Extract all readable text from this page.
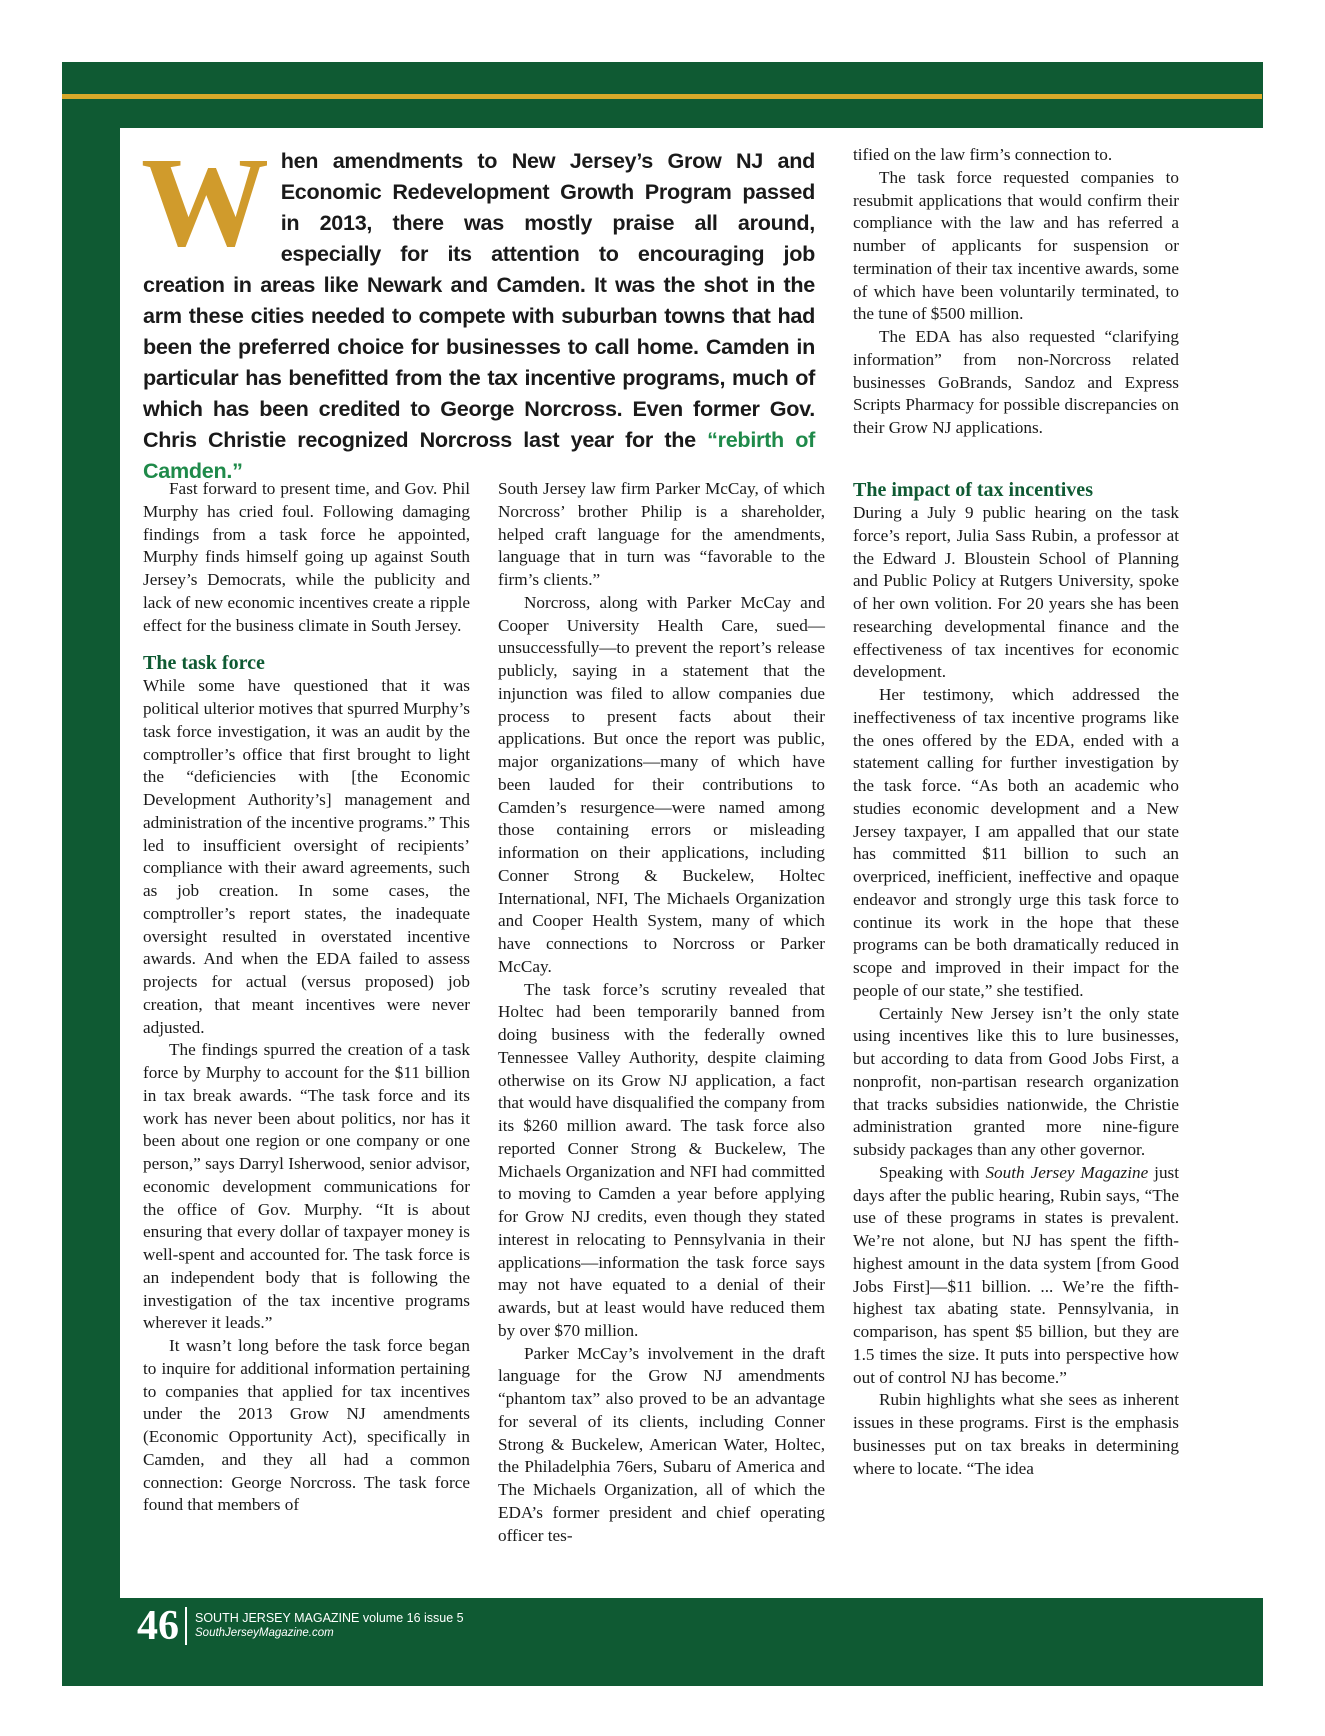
When amendments to New Jersey’s Grow NJ and Economic Redevelopment Growth Program passed in 2013, there was mostly praise all around, especially for its attention to encouraging job creation in areas like Newark and Camden. It was the shot in the arm these cities needed to compete with suburban towns that had been the preferred choice for businesses to call home. Camden in particular has benefitted from the tax incentive programs, much of which has been credited to George Norcross. Even former Gov. Chris Christie recognized Norcross last year for the “rebirth of Camden.”

tified on the law firm’s connection to.

The task force requested companies to resubmit applications that would confirm their compliance with the law and has referred a number of applicants for suspension or termination of their tax incentive awards, some of which have been voluntarily terminated, to the tune of $500 million.

The EDA has also requested “clarifying information” from non-Norcross related businesses GoBrands, Sandoz and Express Scripts Pharmacy for possible discrepancies on their Grow NJ applications.

Fast forward to present time, and Gov. Phil Murphy has cried foul. Following damaging findings from a task force he appointed, Murphy finds himself going up against South Jersey’s Democrats, while the publicity and lack of new economic incentives create a ripple effect for the business climate in South Jersey.

The task force

While some have questioned that it was political ulterior motives that spurred Murphy’s task force investigation, it was an audit by the comptroller’s office that first brought to light the “deficiencies with [the Economic Development Authority’s] management and administration of the incentive programs.” This led to insufficient oversight of recipients’ compliance with their award agreements, such as job creation. In some cases, the comptroller’s report states, the inadequate oversight resulted in overstated incentive awards. And when the EDA failed to assess projects for actual (versus proposed) job creation, that meant incentives were never adjusted.

The findings spurred the creation of a task force by Murphy to account for the $11 billion in tax break awards. “The task force and its work has never been about politics, nor has it been about one region or one company or one person,” says Darryl Isherwood, senior advisor, economic development communications for the office of Gov. Murphy. “It is about ensuring that every dollar of taxpayer money is well-spent and accounted for. The task force is an independent body that is following the investigation of the tax incentive programs wherever it leads.”

It wasn’t long before the task force began to inquire for additional information pertaining to companies that applied for tax incentives under the 2013 Grow NJ amendments (Economic Opportunity Act), specifically in Camden, and they all had a common connection: George Norcross. The task force found that members of

South Jersey law firm Parker McCay, of which Norcross’ brother Philip is a shareholder, helped craft language for the amendments, language that in turn was “favorable to the firm’s clients.”

Norcross, along with Parker McCay and Cooper University Health Care, sued—unsuccessfully—to prevent the report’s release publicly, saying in a statement that the injunction was filed to allow companies due process to present facts about their applications. But once the report was public, major organizations—many of which have been lauded for their contributions to Camden’s resurgence—were named among those containing errors or misleading information on their applications, including Conner Strong & Buckelew, Holtec International, NFI, The Michaels Organization and Cooper Health System, many of which have connections to Norcross or Parker McCay.

The task force’s scrutiny revealed that Holtec had been temporarily banned from doing business with the federally owned Tennessee Valley Authority, despite claiming otherwise on its Grow NJ application, a fact that would have disqualified the company from its $260 million award. The task force also reported Conner Strong & Buckelew, The Michaels Organization and NFI had committed to moving to Camden a year before applying for Grow NJ credits, even though they stated interest in relocating to Pennsylvania in their applications—information the task force says may not have equated to a denial of their awards, but at least would have reduced them by over $70 million.

Parker McCay’s involvement in the draft language for the Grow NJ amendments “phantom tax” also proved to be an advantage for several of its clients, including Conner Strong & Buckelew, American Water, Holtec, the Philadelphia 76ers, Subaru of America and The Michaels Organization, all of which the EDA’s former president and chief operating officer tes-

The impact of tax incentives

During a July 9 public hearing on the task force’s report, Julia Sass Rubin, a professor at the Edward J. Bloustein School of Planning and Public Policy at Rutgers University, spoke of her own volition. For 20 years she has been researching developmental finance and the effectiveness of tax incentives for economic development.

Her testimony, which addressed the ineffectiveness of tax incentive programs like the ones offered by the EDA, ended with a statement calling for further investigation by the task force. “As both an academic who studies economic development and a New Jersey taxpayer, I am appalled that our state has committed $11 billion to such an overpriced, inefficient, ineffective and opaque endeavor and strongly urge this task force to continue its work in the hope that these programs can be both dramatically reduced in scope and improved in their impact for the people of our state,” she testified.

Certainly New Jersey isn’t the only state using incentives like this to lure businesses, but according to data from Good Jobs First, a nonprofit, non-partisan research organization that tracks subsidies nationwide, the Christie administration granted more nine-figure subsidy packages than any other governor.

Speaking with South Jersey Magazine just days after the public hearing, Rubin says, “The use of these programs in states is prevalent. We’re not alone, but NJ has spent the fifth-highest amount in the data system [from Good Jobs First]—$11 billion. ... We’re the fifth-highest tax abating state. Pennsylvania, in comparison, has spent $5 billion, but they are 1.5 times the size. It puts into perspective how out of control NJ has become.”

Rubin highlights what she sees as inherent issues in these programs. First is the emphasis businesses put on tax breaks in determining where to locate. “The idea

46 SOUTH JERSEY MAGAZINE volume 16 issue 5
SouthJerseyMagazine.com
